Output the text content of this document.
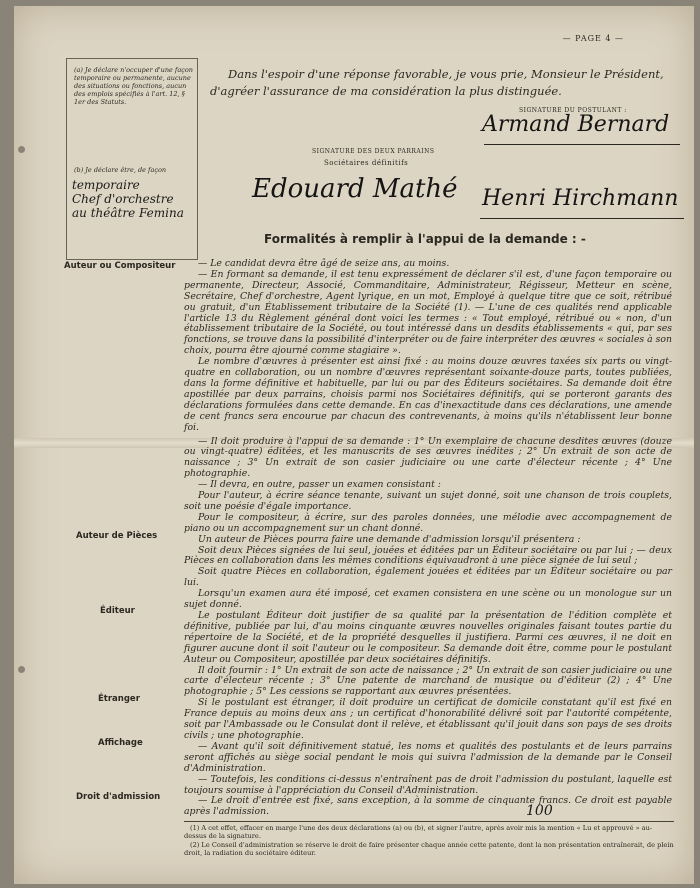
— PAGE 4 —
(a) Je déclare n'occuper d'une façon temporaire ou permanente, aucune des situations ou fonctions, aucun des emplois spécifiés à l'art. 12, § 1er des Statuts.
(b) Je déclare être, de façon
temporaire
Chef d'orchestre
au théâtre Femina
Dans l'espoir d'une réponse favorable, je vous prie, Monsieur le Président, d'agréer l'assurance de ma considération la plus distinguée.
SIGNATURE DU POSTULANT :
Armand Bernard
SIGNATURE DES DEUX PARRAINS
Sociétaires définitifs
Edouard Mathé Henri Hirchmann
Formalités à remplir à l'appui de la demande : -
Auteur ou Compositeur
Auteur de Pièces
Éditeur
Étranger
Affichage
Droit d'admission

— Le candidat devra être âgé de seize ans, au moins.

— En formant sa demande, il est tenu expressément de déclarer s'il est, d'une façon temporaire ou permanente, Directeur, Associé, Commanditaire, Administrateur, Régisseur, Metteur en scène, Secrétaire, Chef d'orchestre, Agent lyrique, en un mot, Employé à quelque titre que ce soit, rétribué ou gratuit, d'un Établissement tributaire de la Société (1). — L'une de ces qualités rend applicable l'article 13 du Règlement général dont voici les termes : « Tout employé, rétribué ou « non, d'un établissement tributaire de la Société, ou tout intéressé dans un desdits établissements « qui, par ses fonctions, se trouve dans la possibilité d'interpréter ou de faire interpréter des œuvres « sociales à son choix, pourra être ajourné comme stagiaire ».

Le nombre d'œuvres à présenter est ainsi fixé : au moins douze œuvres taxées six parts ou vingt-quatre en collaboration, ou un nombre d'œuvres représentant soixante-douze parts, toutes publiées, dans la forme définitive et habituelle, par lui ou par des Éditeurs sociétaires. Sa demande doit être apostillée par deux parrains, choisis parmi nos Sociétaires définitifs, qui se porteront garants des déclarations formulées dans cette demande. En cas d'inexactitude dans ces déclarations, une amende de cent francs sera encourue par chacun des contrevenants, à moins qu'ils n'établissent leur bonne foi.

— Il doit produire à l'appui de sa demande : 1° Un exemplaire de chacune desdites œuvres (douze ou vingt-quatre) éditées, et les manuscrits de ses œuvres inédites ; 2° Un extrait de son acte de naissance ; 3° Un extrait de son casier judiciaire ou une carte d'électeur récente ; 4° Une photographie.

— Il devra, en outre, passer un examen consistant :

Pour l'auteur, à écrire séance tenante, suivant un sujet donné, soit une chanson de trois couplets, soit une poésie d'égale importance.

Pour le compositeur, à écrire, sur des paroles données, une mélodie avec accompagnement de piano ou un accompagnement sur un chant donné.

Un auteur de Pièces pourra faire une demande d'admission lorsqu'il présentera :

Soit deux Pièces signées de lui seul, jouées et éditées par un Éditeur sociétaire ou par lui ; — deux Pièces en collaboration dans les mêmes conditions équivaudront à une pièce signée de lui seul ;

Soit quatre Pièces en collaboration, également jouées et éditées par un Éditeur sociétaire ou par lui.

Lorsqu'un examen aura été imposé, cet examen consistera en une scène ou un monologue sur un sujet donné.

Le postulant Éditeur doit justifier de sa qualité par la présentation de l'édition complète et définitive, publiée par lui, d'au moins cinquante œuvres nouvelles originales faisant toutes partie du répertoire de la Société, et de la propriété desquelles il justifiera. Parmi ces œuvres, il ne doit en figurer aucune dont il soit l'auteur ou le compositeur. Sa demande doit être, comme pour le postulant Auteur ou Compositeur, apostillée par deux sociétaires définitifs.

Il doit fournir : 1° Un extrait de son acte de naissance ; 2° Un extrait de son casier judiciaire ou une carte d'électeur récente ; 3° Une patente de marchand de musique ou d'éditeur (2) ; 4° Une photographie ; 5° Les cessions se rapportant aux œuvres présentées.

Si le postulant est étranger, il doit produire un certificat de domicile constatant qu'il est fixé en France depuis au moins deux ans ; un certificat d'honorabilité délivré soit par l'autorité compétente, soit par l'Ambassade ou le Consulat dont il relève, et établissant qu'il jouit dans son pays de ses droits civils ; une photographie.

— Avant qu'il soit définitivement statué, les noms et qualités des postulants et de leurs parrains seront affichés au siège social pendant le mois qui suivra l'admission de la demande par le Conseil d'Administration.

— Toutefois, les conditions ci-dessus n'entraînent pas de droit l'admission du postulant, laquelle est toujours soumise à l'appréciation du Conseil d'Administration.

— Le droit d'entrée est fixé, sans exception, à la somme de cinquante francs. Ce droit est payable après l'admission.	100

(1) A cet effet, effacer en marge l'une des deux déclarations (a) ou (b), et signer l'autre, après avoir mis la mention « Lu et approuvé » au-dessus de la signature.

(2) Le Conseil d'administration se réserve le droit de faire présenter chaque année cette patente, dont la non présentation entraînerait, de plein droit, la radiation du sociétaire éditeur.
